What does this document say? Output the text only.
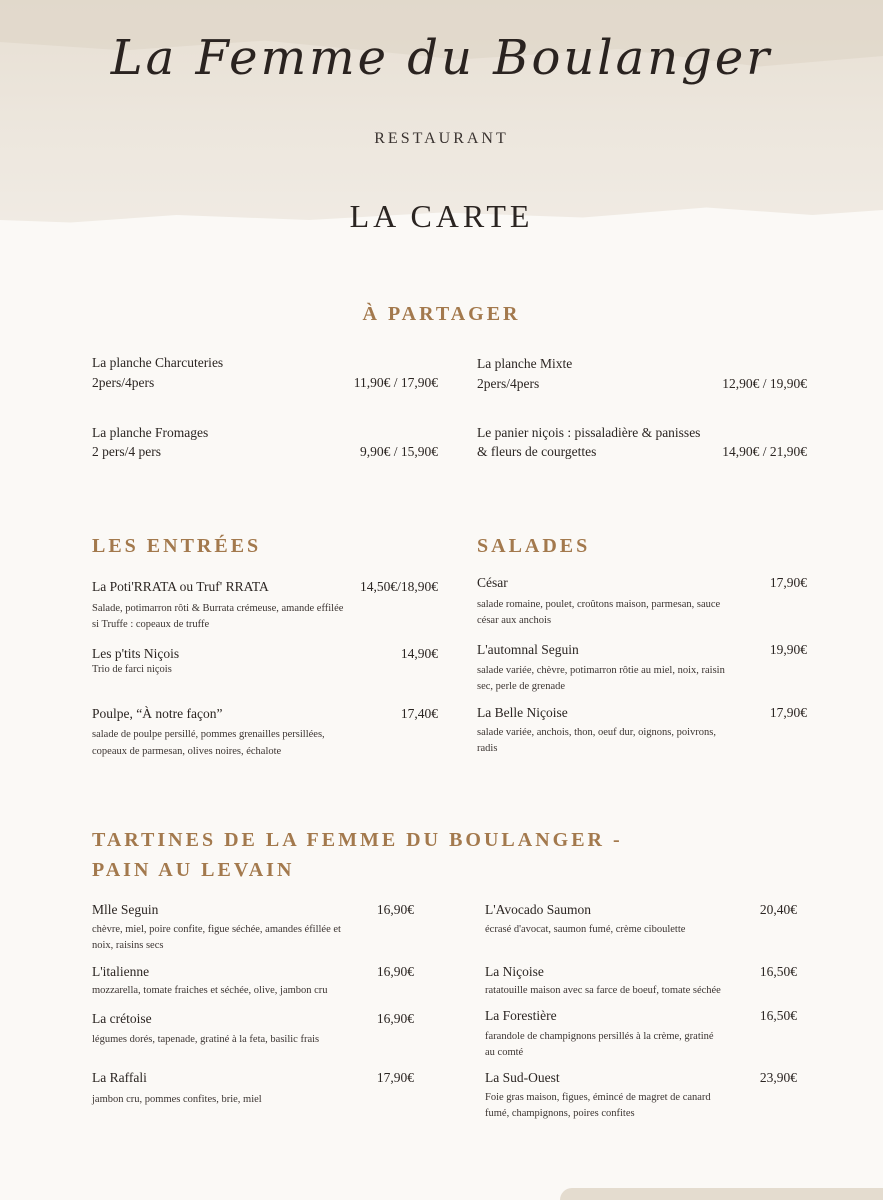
La Femme du Boulanger
RESTAURANT
LA CARTE
À PARTAGER
La planche Charcuteries
2pers/4pers	11,90€ / 17,90€
La planche Mixte
2pers/4pers	12,90€ / 19,90€
La planche Fromages
2 pers/4 pers	9,90€ / 15,90€
Le panier niçois : pissaladière & panisses
& fleurs de courgettes	14,90€ / 21,90€
LES ENTRÉES
La Poti'RRATA ou Truf' RRATA	14,50€/18,90€
Salade, potimarron rôti & Burrata crémeuse, amande effilée
si Truffe : copeaux de truffe
Les p'tits Niçois	14,90€
Trio de farci niçois
Poulpe, “À notre façon”	17,40€
salade de poulpe persillé, pommes grenailles persillées,
copeaux de parmesan, olives noires, échalote
SALADES
César	17,90€
salade romaine, poulet, croûtons maison, parmesan, sauce
césar aux anchois
L'automnal Seguin	19,90€
salade variée, chèvre, potimarron rôtie au miel, noix, raisin
sec, perle de grenade
La Belle Niçoise	17,90€
salade variée, anchois, thon, oeuf dur, oignons, poivrons,
radis
TARTINES DE LA FEMME DU BOULANGER -
PAIN AU LEVAIN
Mlle Seguin	16,90€
chèvre, miel, poire confite, figue séchée, amandes éfillée et
noix, raisins secs
L'italienne	16,90€
mozzarella, tomate fraiches et séchée, olive, jambon cru
La crétoise	16,90€
légumes dorés, tapenade, gratiné à la feta, basilic frais
La Raffali	17,90€
jambon cru, pommes confites, brie, miel
L'Avocado Saumon	20,40€
écrasé d'avocat, saumon fumé, crème ciboulette
La Niçoise	16,50€
ratatouille maison avec sa farce de boeuf, tomate séchée
La Forestière	16,50€
farandole de champignons persillés à la crème, gratiné
au comté
La Sud-Ouest	23,90€
Foie gras maison, figues, émincé de magret de canard
fumé, champignons, poires confites
